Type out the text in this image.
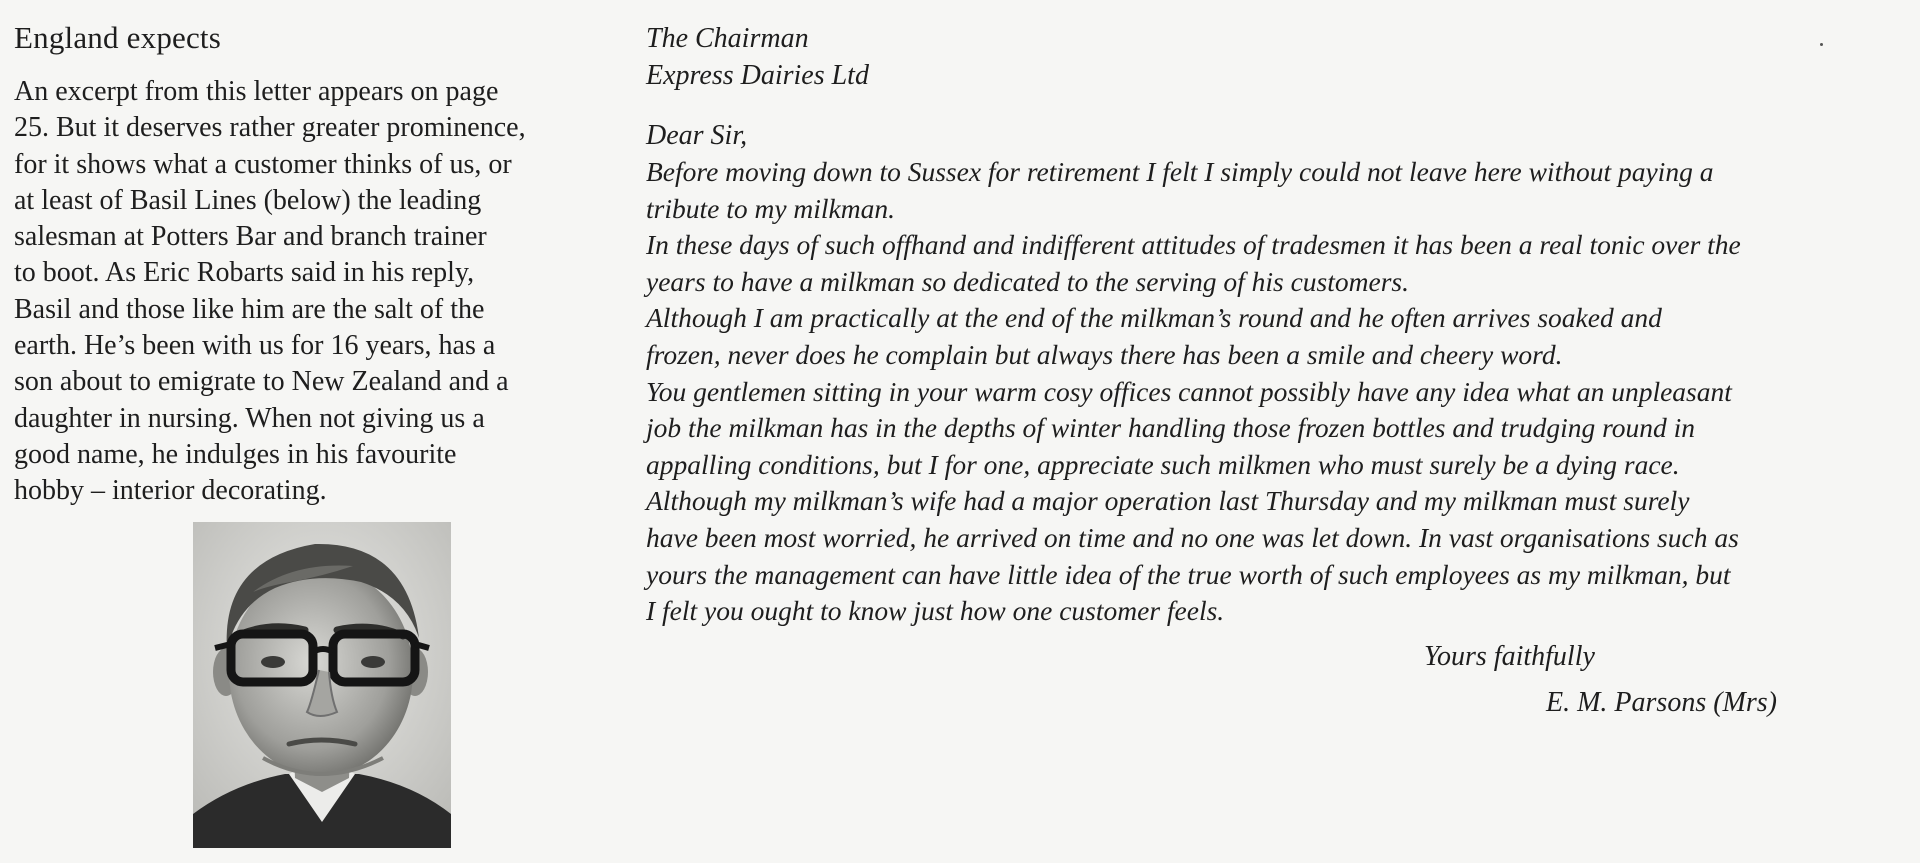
England expects

An excerpt from this letter appears on page

25. But it deserves rather greater prominence,

for it shows what a customer thinks of us, or

at least of Basil Lines (below) the leading

salesman at Potters Bar and branch trainer

to boot. As Eric Robarts said in his reply,

Basil and those like him are the salt of the

earth. He’s been with us for 16 years, has a

son about to emigrate to New Zealand and a

daughter in nursing. When not giving us a

good name, he indulges in his favourite

hobby – interior decorating.

The Chairman

Express Dairies Ltd

Dear Sir,

Before moving down to Sussex for retirement I felt I simply could not leave here without paying a

tribute to my milkman.

In these days of such offhand and indifferent attitudes of tradesmen it has been a real tonic over the

years to have a milkman so dedicated to the serving of his customers.

Although I am practically at the end of the milkman’s round and he often arrives soaked and

frozen, never does he complain but always there has been a smile and cheery word.

You gentlemen sitting in your warm cosy offices cannot possibly have any idea what an unpleasant

job the milkman has in the depths of winter handling those frozen bottles and trudging round in

appalling conditions, but I for one, appreciate such milkmen who must surely be a dying race.

Although my milkman’s wife had a major operation last Thursday and my milkman must surely

have been most worried, he arrived on time and no one was let down. In vast organisations such as

yours the management can have little idea of the true worth of such employees as my milkman, but

I felt you ought to know just how one customer feels.

Yours faithfully
E. M. Parsons (Mrs)
